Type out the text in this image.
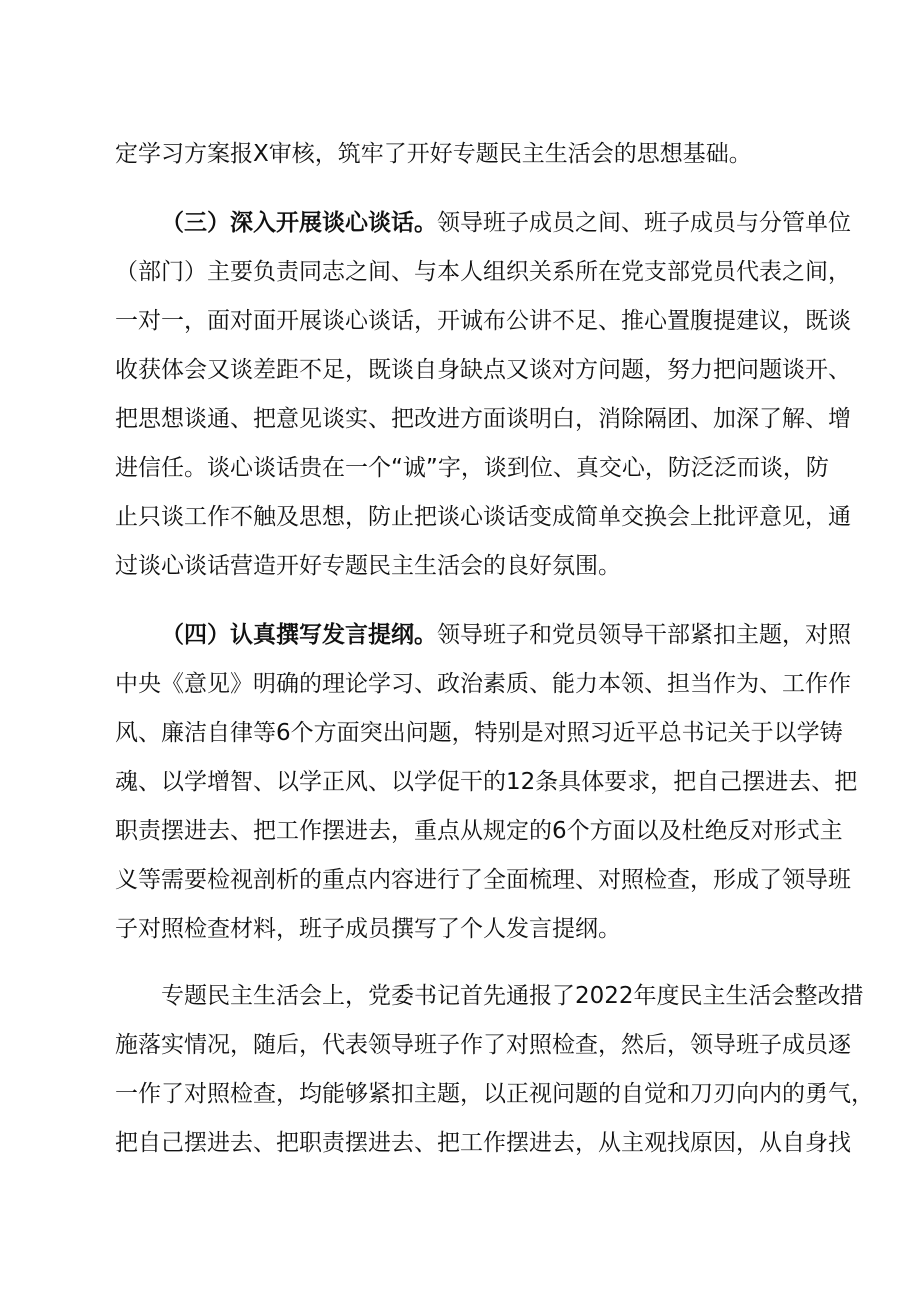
定学习方案报X审核，筑牢了开好专题民主生活会的思想基础。
（三）深入开展谈心谈话。领导班子成员之间、班子成员与分管单位
（部门）主要负责同志之间、与本人组织关系所在党支部党员代表之间，
一对一，面对面开展谈心谈话，开诚布公讲不足、推心置腹提建议，既谈
收获体会又谈差距不足，既谈自身缺点又谈对方问题，努力把问题谈开、
把思想谈通、把意见谈实、把改进方面谈明白，消除隔团、加深了解、增
进信任。谈心谈话贵在一个“诚”字，谈到位、真交心，防泛泛而谈，防
止只谈工作不触及思想，防止把谈心谈话变成简单交换会上批评意见，通
过谈心谈话营造开好专题民主生活会的良好氛围。
（四）认真撰写发言提纲。领导班子和党员领导干部紧扣主题，对照
中央《意见》明确的理论学习、政治素质、能力本领、担当作为、工作作
风、廉洁自律等6个方面突出问题，特别是对照习近平总书记关于以学铸
魂、以学增智、以学正风、以学促干的12条具体要求，把自己摆进去、把
职责摆进去、把工作摆进去，重点从规定的6个方面以及杜绝反对形式主
义等需要检视剖析的重点内容进行了全面梳理、对照检查，形成了领导班
子对照检查材料，班子成员撰写了个人发言提纲。
专题民主生活会上，党委书记首先通报了2022年度民主生活会整改措
施落实情况，随后，代表领导班子作了对照检查，然后，领导班子成员逐
一作了对照检查，均能够紧扣主题，以正视问题的自觉和刀刃向内的勇气，
把自己摆进去、把职责摆进去、把工作摆进去，从主观找原因，从自身找
